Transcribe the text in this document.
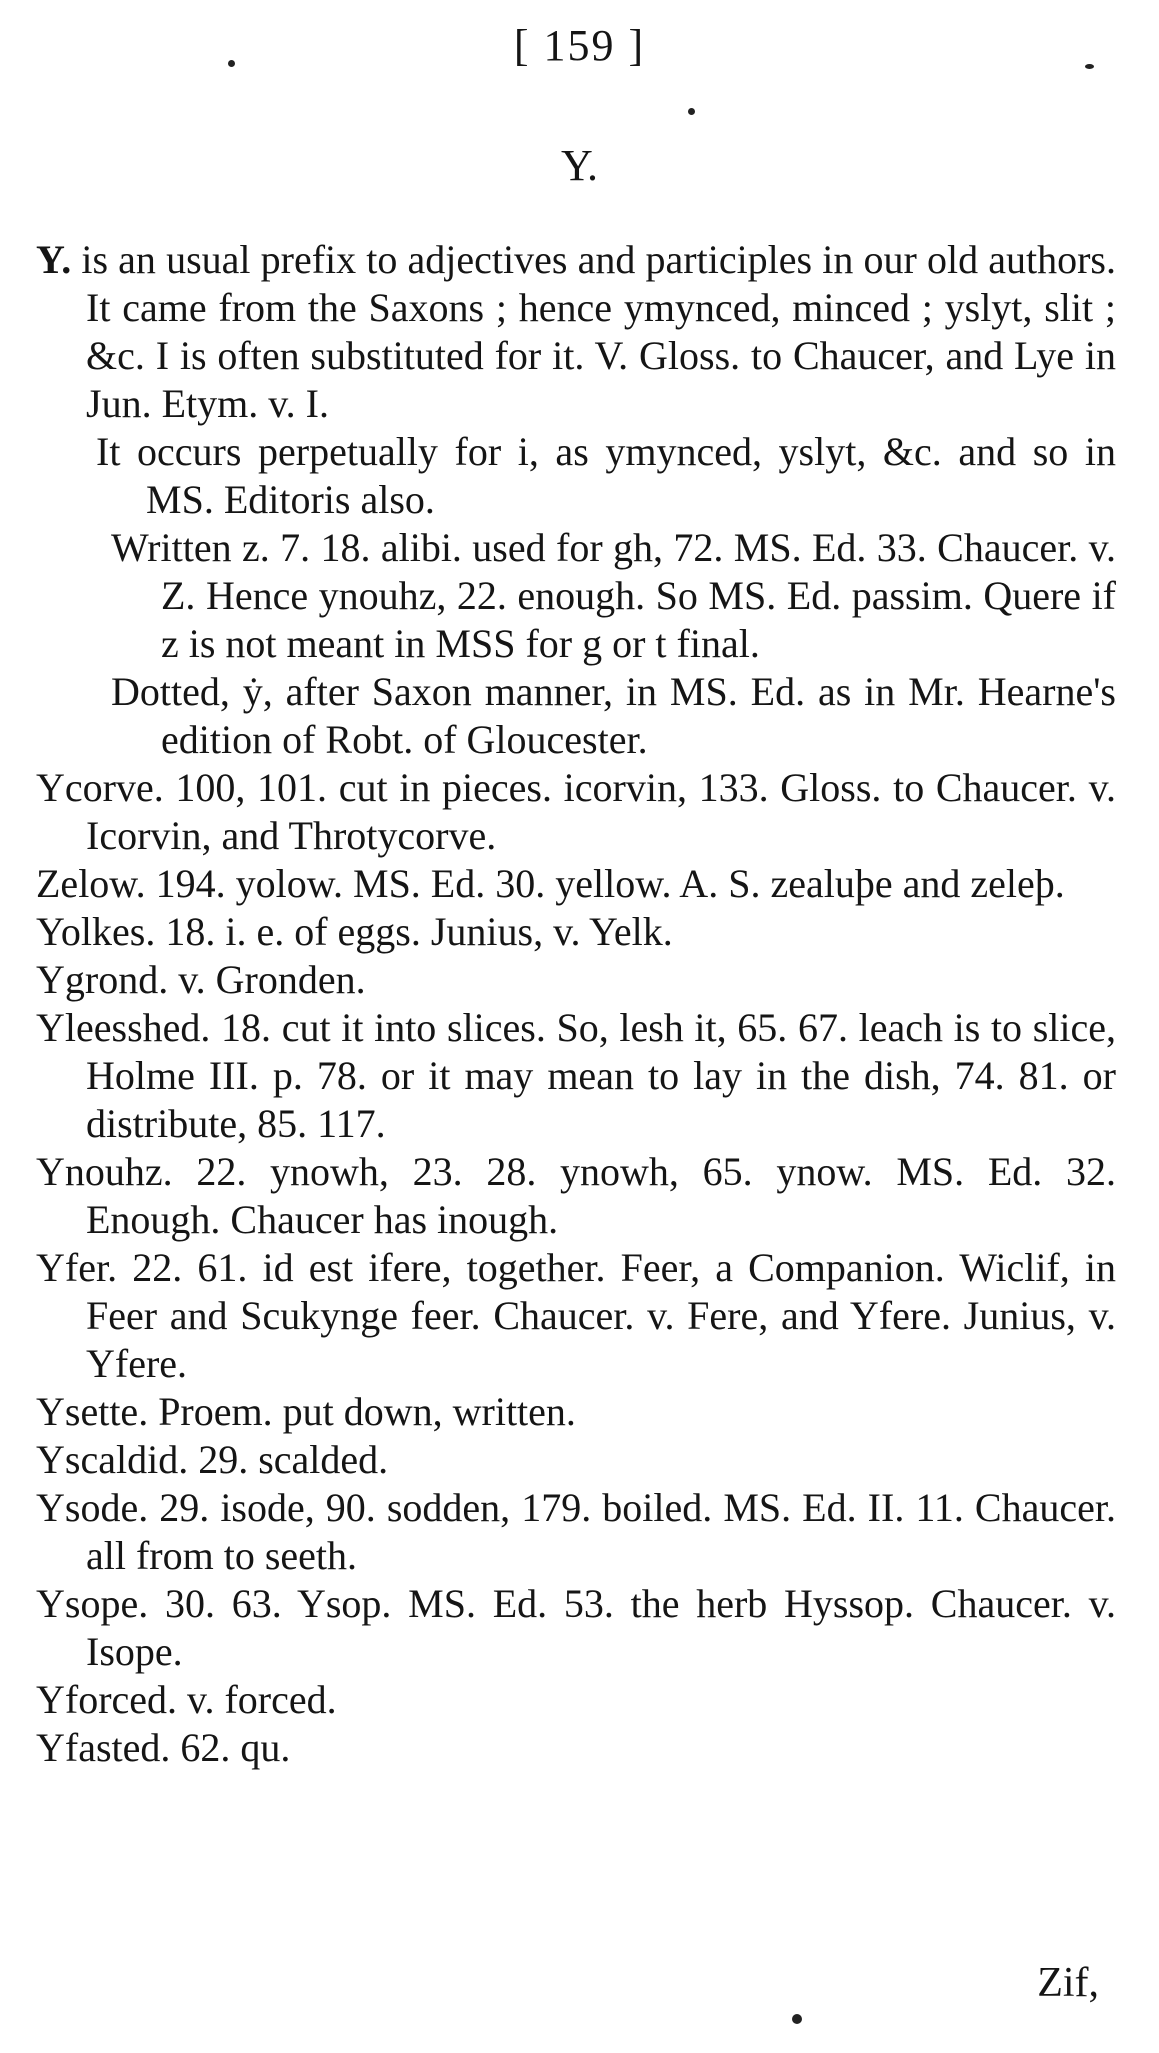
[ 159 ]
Y.

Y. is an usual prefix to adjectives and participles in our old authors. It came from the Saxons ; hence ymynced, minced ; yslyt, slit ; &c. I is often substituted for it. V. Gloss. to Chaucer, and Lye in Jun. Etym. v. I.

It occurs perpetually for i, as ymynced, yslyt, &c. and so in MS. Editoris also.

Written z. 7. 18. alibi. used for gh, 72. MS. Ed. 33. Chaucer. v. Z. Hence ynouhz, 22. enough. So MS. Ed. passim. Quere if z is not meant in MSS for g or t final.

Dotted, ẏ, after Saxon manner, in MS. Ed. as in Mr. Hearne's edition of Robt. of Gloucester.

Ycorve. 100, 101. cut in pieces. icorvin, 133. Gloss. to Chaucer. v. Icorvin, and Throtycorve.

Zelow. 194. yolow. MS. Ed. 30. yellow. A. S. zealuþe and zeleþ.

Yolkes. 18. i. e. of eggs. Junius, v. Yelk.

Ygrond. v. Gronden.

Yleesshed. 18. cut it into slices. So, lesh it, 65. 67. leach is to slice, Holme III. p. 78. or it may mean to lay in the dish, 74. 81. or distribute, 85. 117.

Ynouhz. 22. ynowh, 23. 28. ynowh, 65. ynow. MS. Ed. 32. Enough. Chaucer has inough.

Yfer. 22. 61. id est ifere, together. Feer, a Companion. Wiclif, in Feer and Scukynge feer. Chaucer. v. Fere, and Yfere. Junius, v. Yfere.

Ysette. Proem. put down, written.

Yscaldid. 29. scalded.

Ysode. 29. isode, 90. sodden, 179. boiled. MS. Ed. II. 11. Chaucer. all from to seeth.

Ysope. 30. 63. Ysop. MS. Ed. 53. the herb Hyssop. Chaucer. v. Isope.

Yforced. v. forced.

Yfasted. 62. qu.

Zif,
